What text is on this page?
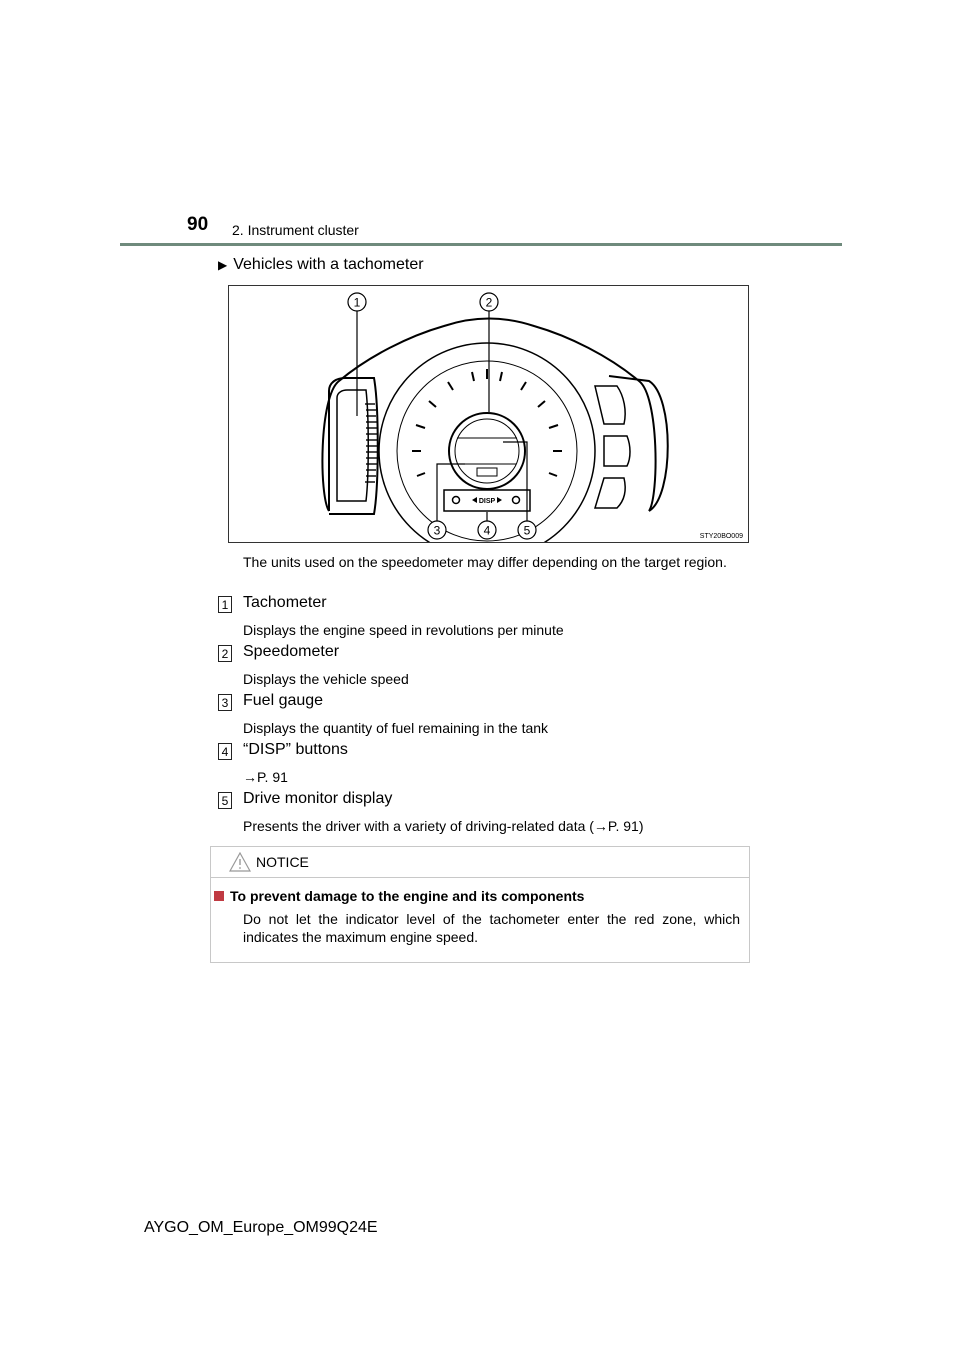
90 2. Instrument cluster
▶ Vehicles with a tachometer
DISP
1	2
3	4	5	STY20BO009
The units used on the speedometer may differ depending on the target region.
1 Tachometer
Displays the engine speed in revolutions per minute
2 Speedometer
Displays the vehicle speed
3 Fuel gauge
Displays the quantity of fuel remaining in the tank
4 “DISP” buttons
→P. 91
5 Drive monitor display
Presents the driver with a variety of driving-related data (→P. 91)
NOTICE
To prevent damage to the engine and its components
Do not let the indicator level of the tachometer enter the red zone, which indicates the maximum engine speed.
AYGO_OM_Europe_OM99Q24E
